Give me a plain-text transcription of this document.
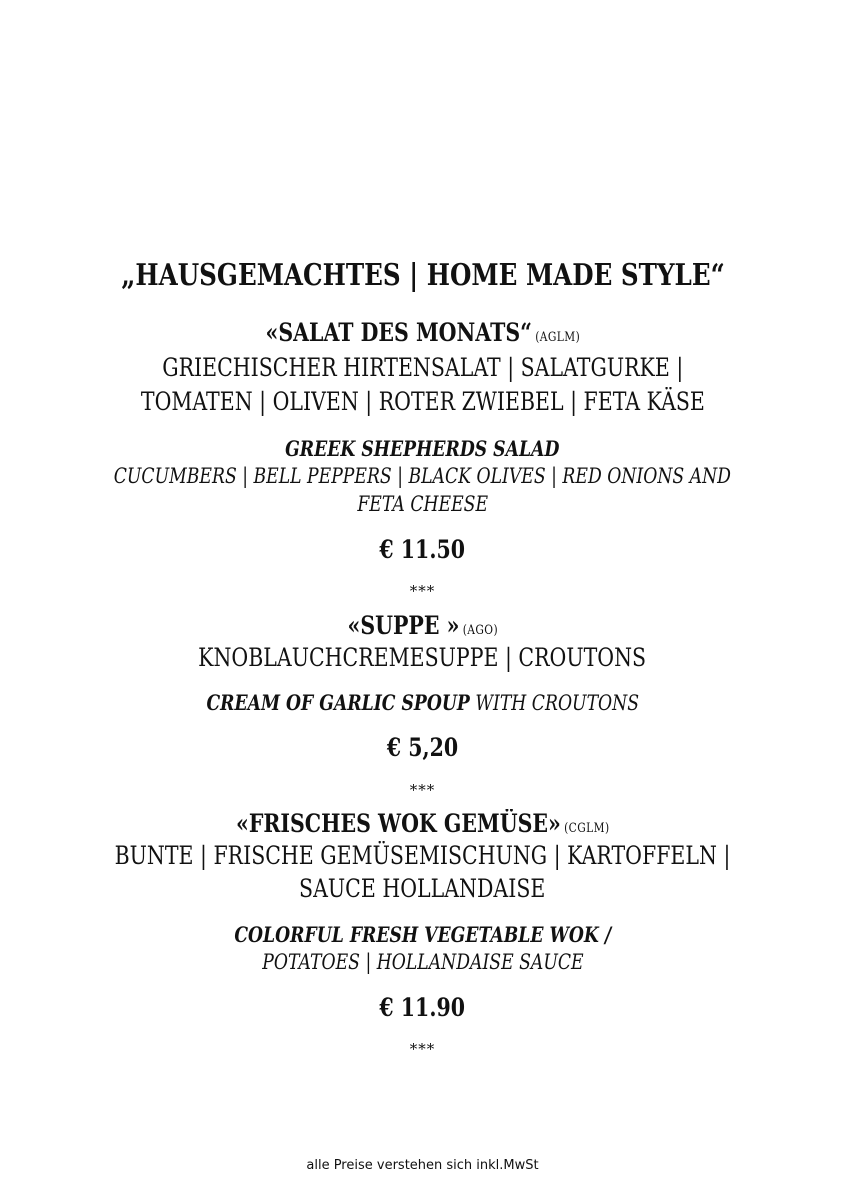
„HAUSGEMACHTES | HOME MADE STYLE“
«SALAT DES MONATS“ (AGLM)
GRIECHISCHER HIRTENSALAT | SALATGURKE |
TOMATEN | OLIVEN | ROTER ZWIEBEL | FETA KÄSE
GREEK SHEPHERDS SALAD
CUCUMBERS | BELL PEPPERS | BLACK OLIVES | RED ONIONS AND
FETA CHEESE
€ 11.50
***
«SUPPE » (AGO)
KNOBLAUCHCREMESUPPE | CROUTONS
CREAM OF GARLIC SPOUP WITH CROUTONS
€ 5,20
***
«FRISCHES WOK GEMÜSE» (CGLM)
BUNTE | FRISCHE GEMÜSEMISCHUNG | KARTOFFELN |
SAUCE HOLLANDAISE
COLORFUL FRESH VEGETABLE WOK /
POTATOES | HOLLANDAISE SAUCE
€ 11.90
***
alle Preise verstehen sich inkl.MwSt
